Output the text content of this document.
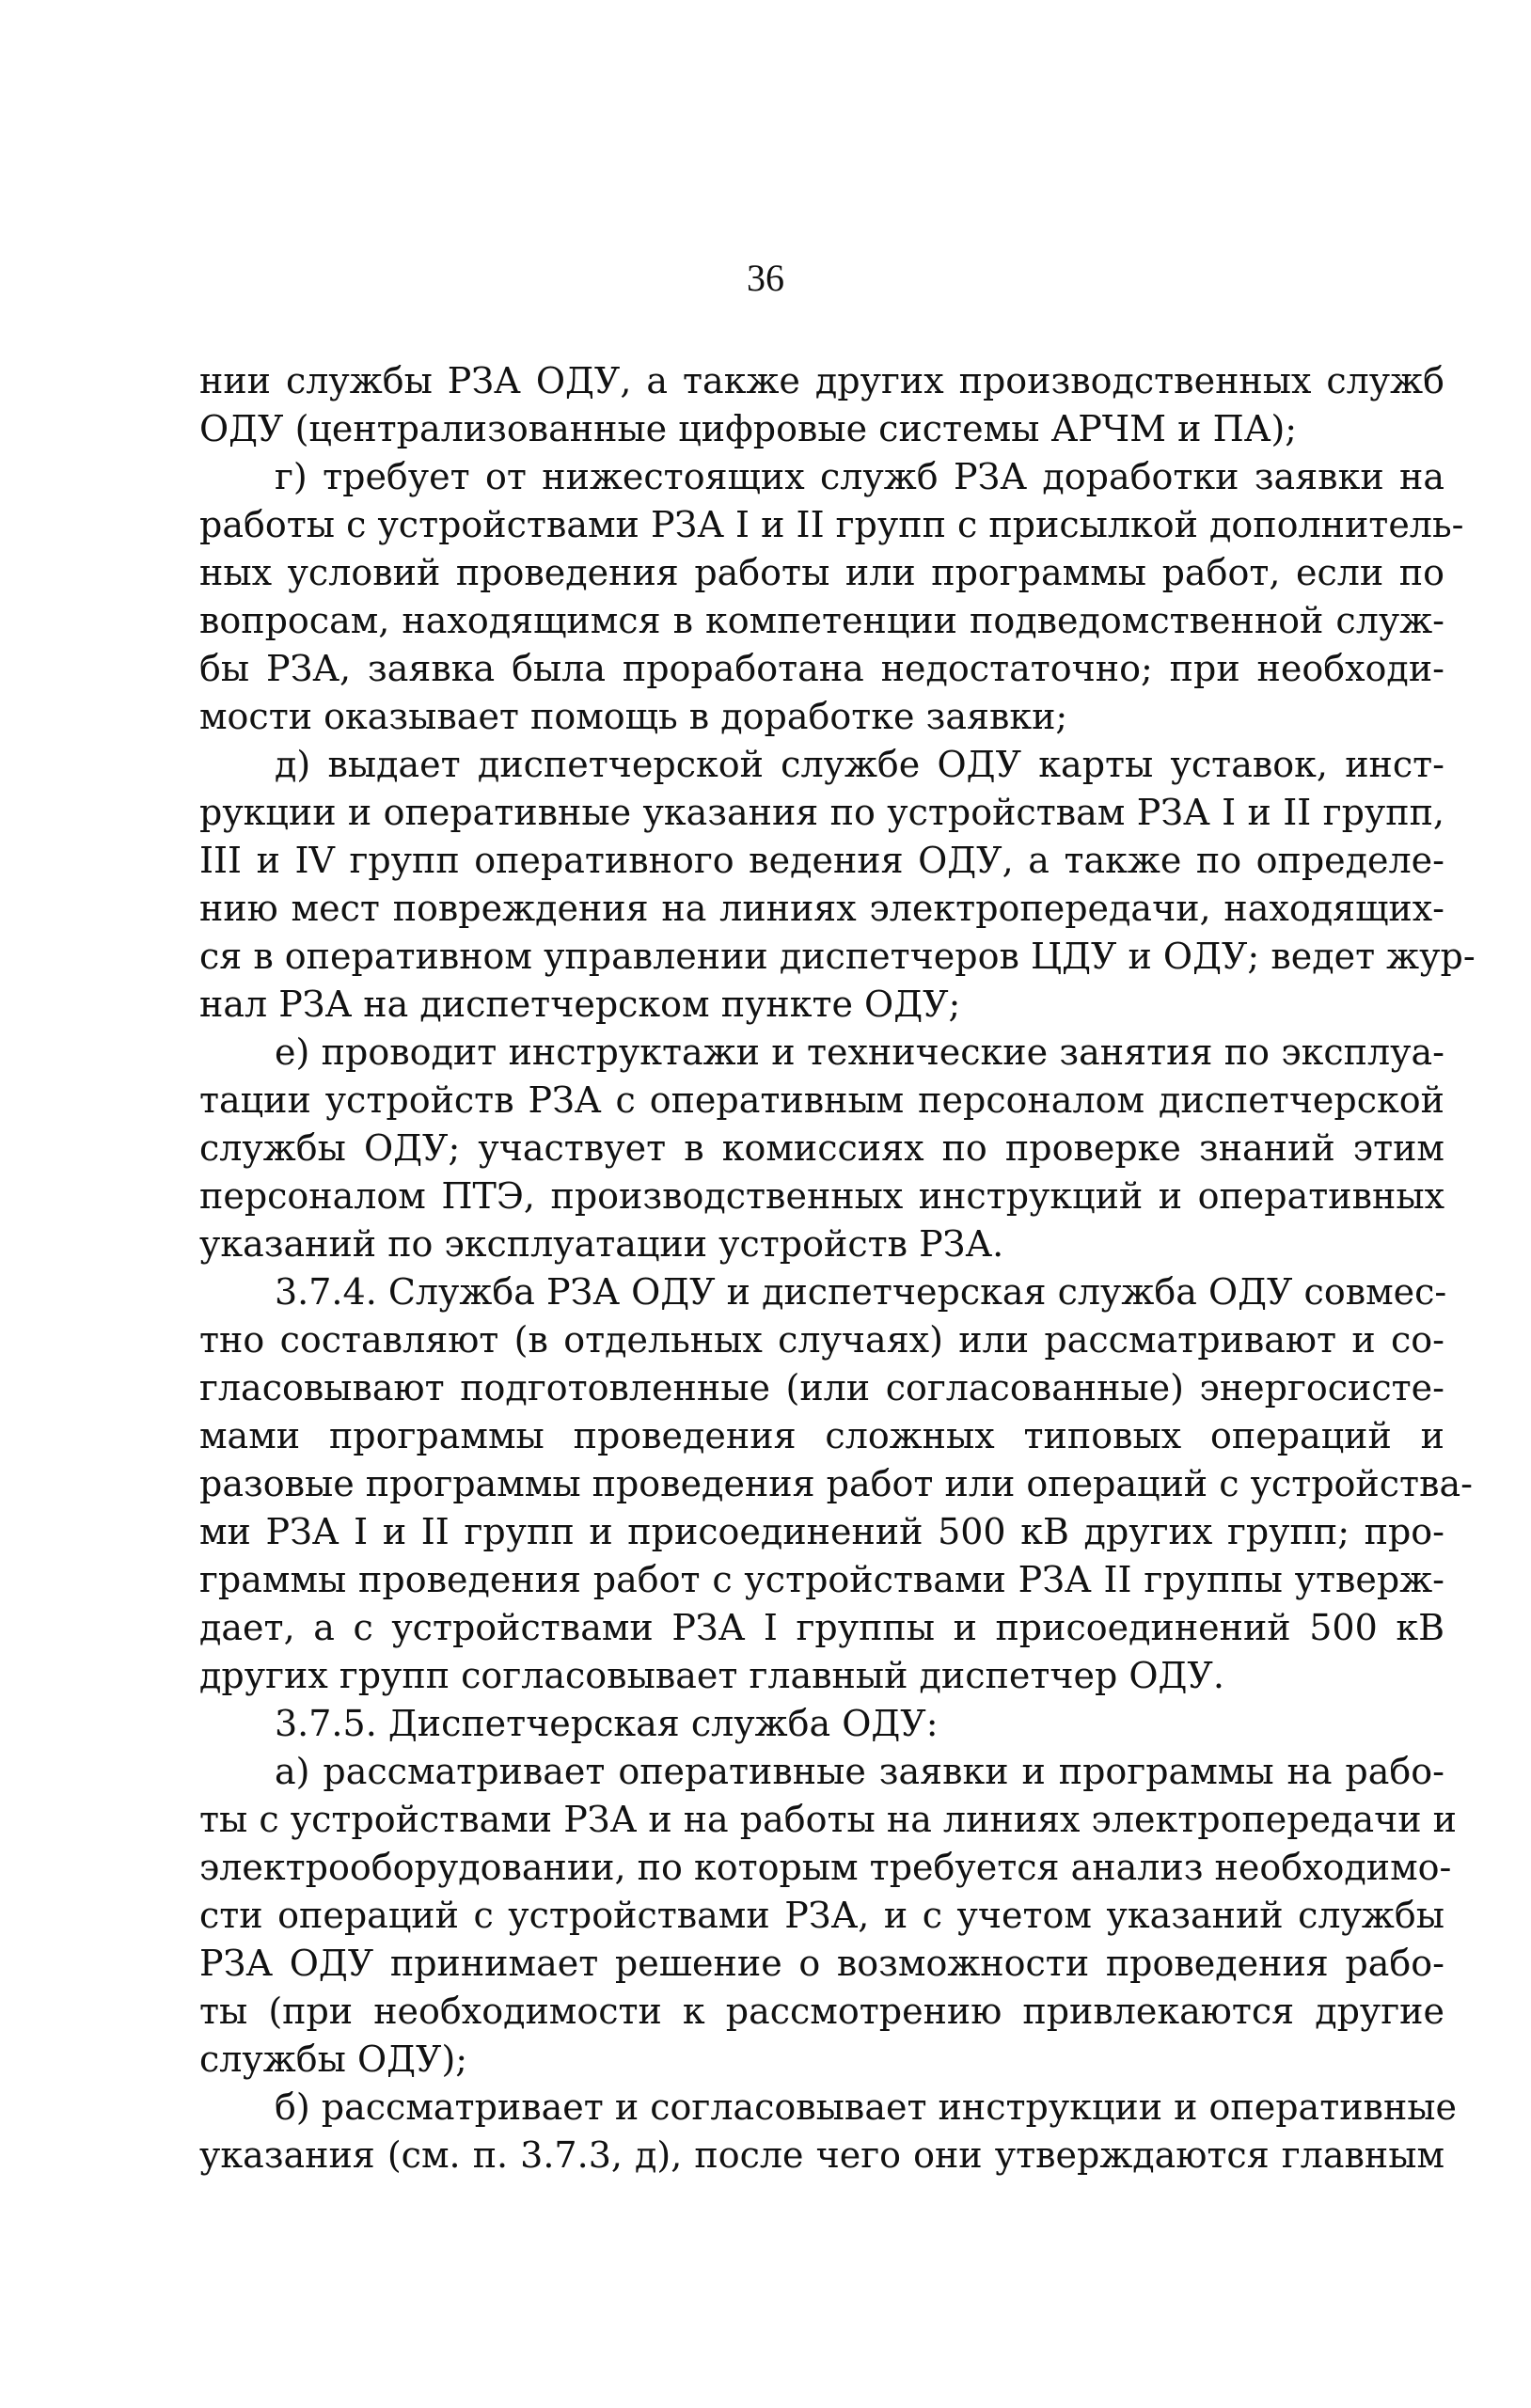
36
нии службы РЗА ОДУ, а также других производственных служб
ОДУ (централизованные цифровые системы АРЧМ и ПА);
г) требует от нижестоящих служб РЗА доработки заявки на
работы с устройствами РЗА I и II групп с присылкой дополнитель-
ных условий проведения работы или программы работ, если по
вопросам, находящимся в компетенции подведомственной служ-
бы РЗА, заявка была проработана недостаточно; при необходи-
мости оказывает помощь в доработке заявки;
д) выдает диспетчерской службе ОДУ карты уставок, инст-
рукции и оперативные указания по устройствам РЗА I и II групп,
III и IV групп оперативного ведения ОДУ, а также по определе-
нию мест повреждения на линиях электропередачи, находящих-
ся в оперативном управлении диспетчеров ЦДУ и ОДУ; ведет жур-
нал РЗА на диспетчерском пункте ОДУ;
е) проводит инструктажи и технические занятия по эксплуа-
тации устройств РЗА с оперативным персоналом диспетчерской
службы ОДУ; участвует в комиссиях по проверке знаний этим
персоналом ПТЭ, производственных инструкций и оперативных
указаний по эксплуатации устройств РЗА.
3.7.4. Служба РЗА ОДУ и диспетчерская служба ОДУ совмес-
тно составляют (в отдельных случаях) или рассматривают и со-
гласовывают подготовленные (или согласованные) энергосисте-
мами программы проведения сложных типовых операций и
разовые программы проведения работ или операций с устройства-
ми РЗА I и II групп и присоединений 500 кВ других групп; про-
граммы проведения работ с устройствами РЗА II группы утверж-
дает, а с устройствами РЗА I группы и присоединений 500 кВ
других групп согласовывает главный диспетчер ОДУ.
3.7.5. Диспетчерская служба ОДУ:
а) рассматривает оперативные заявки и программы на рабо-
ты с устройствами РЗА и на работы на линиях электропередачи и
электрооборудовании, по которым требуется анализ необходимо-
сти операций с устройствами РЗА, и с учетом указаний службы
РЗА ОДУ принимает решение о возможности проведения рабо-
ты (при необходимости к рассмотрению привлекаются другие
службы ОДУ);
б) рассматривает и согласовывает инструкции и оперативные
указания (см. п. 3.7.3, д), после чего они утверждаются главным
